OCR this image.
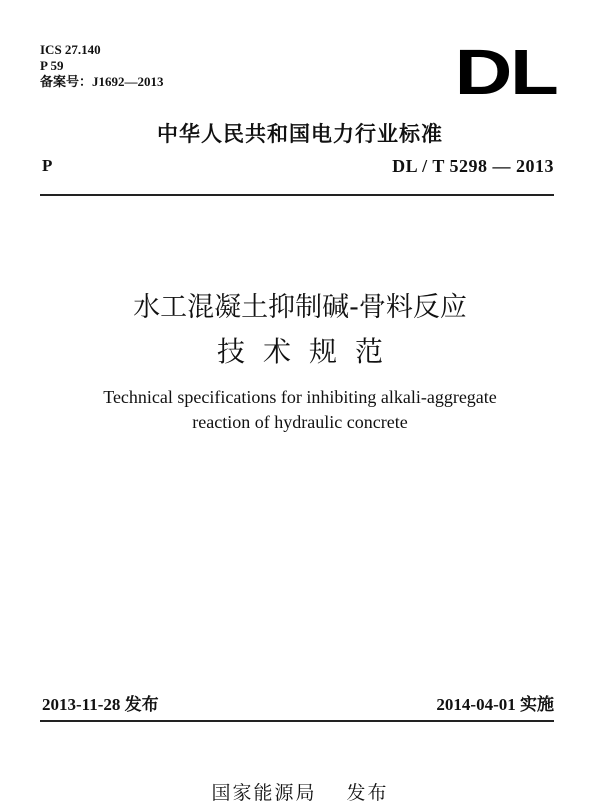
ICS 27.140
P 59
备案号：J1692—2013	DL
中华人民共和国电力行业标准
P	DL / T 5298 — 2013
水工混凝土抑制碱-骨料反应
技术规范
Technical specifications for inhibiting alkali-aggregate
reaction of hydraulic concrete
2013-11-28 发布	2014-04-01 实施
国家能源局 发布
